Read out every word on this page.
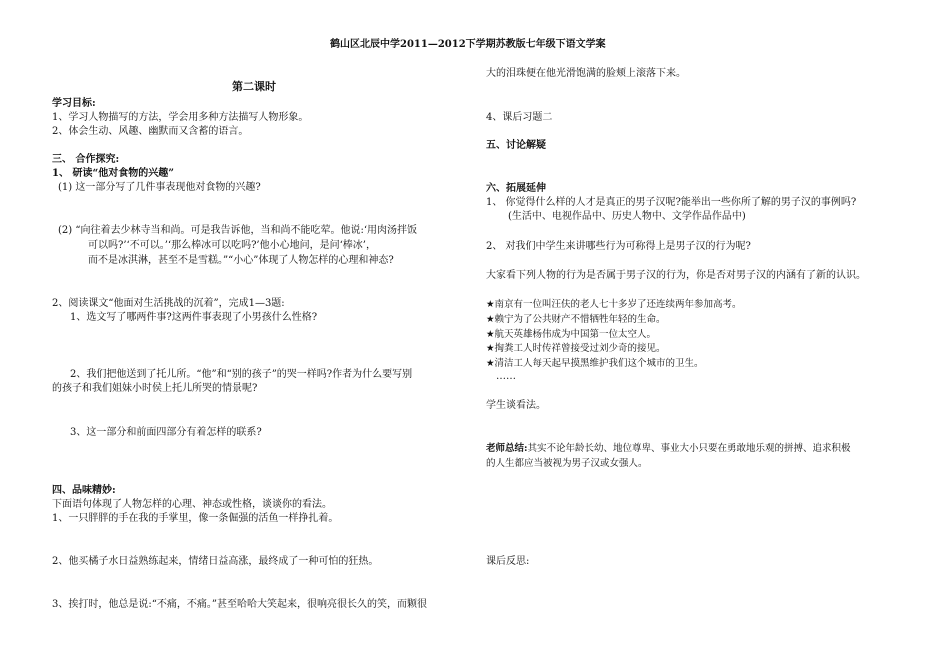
鹤山区北辰中学2011—2012下学期苏教版七年级下语文学案
第二课时
学习目标:
1、学习人物描写的方法，学会用多种方法描写人物形象。
2、体会生动、风趣、幽默而又含蓄的语言。
三、 合作探究:
1、 研读“他对食物的兴趣”
(1) 这一部分写了几件事表现他对食物的兴趣?
(2) “向往着去少林寺当和尚。可是我告诉他，当和尚不能吃荤。他说:‘用肉汤拌饭
可以吗?’‘不可以。’‘那么棒冰可以吃吗?’他小心地问，是问‘棒冰’，
而不是冰淇淋，甚至不是雪糕。”“小心”体现了人物怎样的心理和神态?
2、阅读课文“他面对生活挑战的沉着”，完成1—3题:
1、选文写了哪两件事?这两件事表现了小男孩什么性格?
2、我们把他送到了托儿所。“他”和“别的孩子”的哭一样吗?作者为什么要写别
的孩子和我们姐妹小时侯上托儿所哭的情景呢?
3、这一部分和前面四部分有着怎样的联系?
四、品味精妙:
下面语句体现了人物怎样的心理、神态或性格，谈谈你的看法。
1、一只胖胖的手在我的手掌里，像一条倔强的活鱼一样挣扎着。
2、他买橘子水日益熟练起来，情绪日益高涨，最终成了一种可怕的狂热。
3、挨打时，他总是说:“不痛，不痛。”甚至哈哈大笑起来，很响亮很长久的笑，而颗很
大的泪珠便在他光滑饱满的脸颊上滚落下来。
4、课后习题二
五、讨论解疑
六、拓展延伸
1、 你觉得什么样的人才是真正的男子汉呢?能举出一些你所了解的男子汉的事例吗?
(生活中、电视作品中、历史人物中、文学作品作品中)
2、 对我们中学生来讲哪些行为可称得上是男子汉的行为呢?
大家看下列人物的行为是否属于男子汉的行为，你是否对男子汉的内涵有了新的认识。
★南京有一位叫汪伕的老人七十多岁了还连续两年参加高考。
★赖宁为了公共财产不惜牺牲年轻的生命。
★航天英雄杨伟成为中国第一位太空人。
★掏粪工人时传祥曾接受过刘少奇的接见。
★清洁工人每天起早摸黑维护我们这个城市的卫生。
……
学生谈看法。
老师总结:其实不论年龄长幼、地位尊卑、事业大小只要在勇敢地乐观的拼搏、追求积极
的人生都应当被视为男子汉或女强人。
课后反思:
